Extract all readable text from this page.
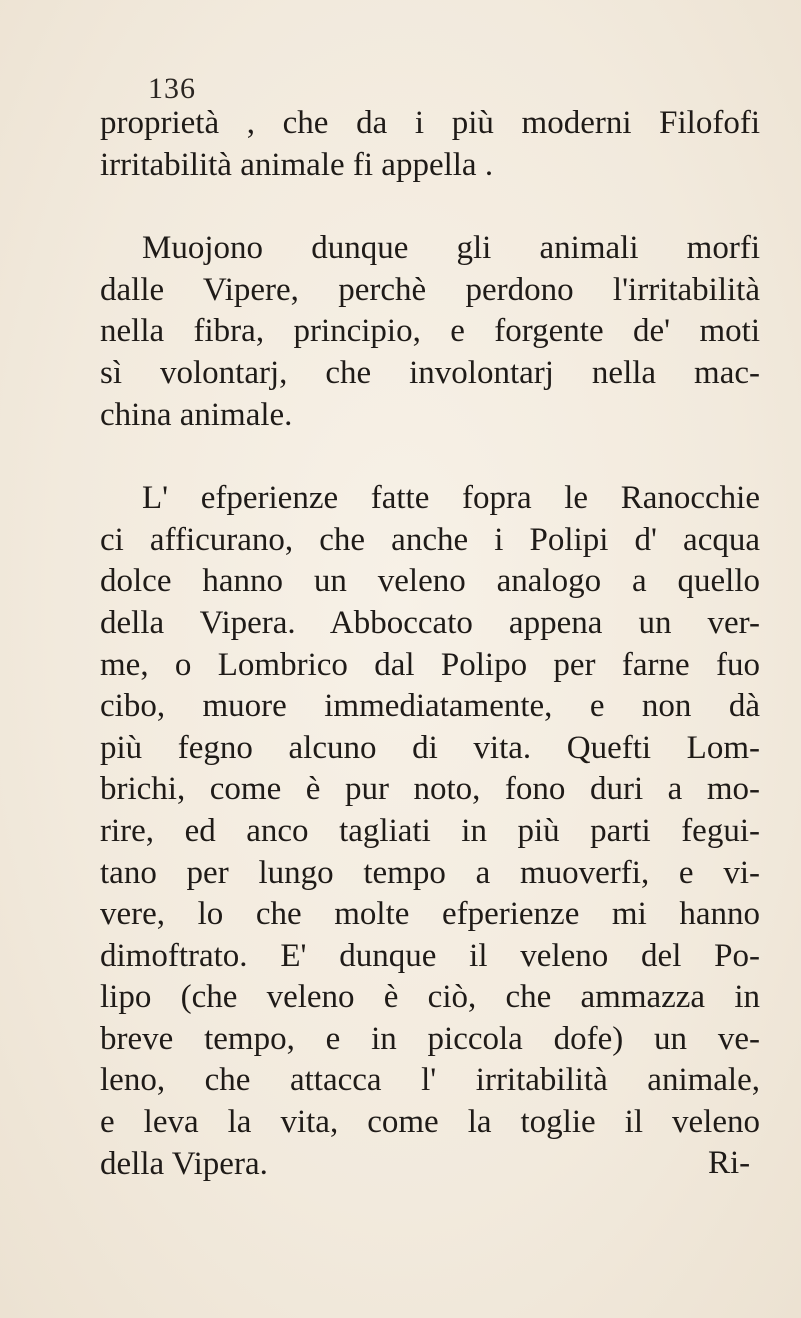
136
proprietà , che da i più moderni Filofofi
irritabilità animale fi appella .
Muojono dunque gli animali morfi
dalle Vipere, perchè perdono l'irritabilità
nella fibra, principio, e forgente de' moti
sì volontarj, che involontarj nella mac-
china animale.
L' efperienze fatte fopra le Ranocchie
ci afficurano, che anche i Polipi d' acqua
dolce hanno un veleno analogo a quello
della Vipera. Abboccato appena un ver-
me, o Lombrico dal Polipo per farne fuo
cibo, muore immediatamente, e non dà
più fegno alcuno di vita. Quefti Lom-
brichi, come è pur noto, fono duri a mo-
rire, ed anco tagliati in più parti fegui-
tano per lungo tempo a muoverfi, e vi-
vere, lo che molte efperienze mi hanno
dimoftrato. E' dunque il veleno del Po-
lipo (che veleno è ciò, che ammazza in
breve tempo, e in piccola dofe) un ve-
leno, che attacca l' irritabilità animale,
e leva la vita, come la toglie il veleno
della Vipera.	Ri-
